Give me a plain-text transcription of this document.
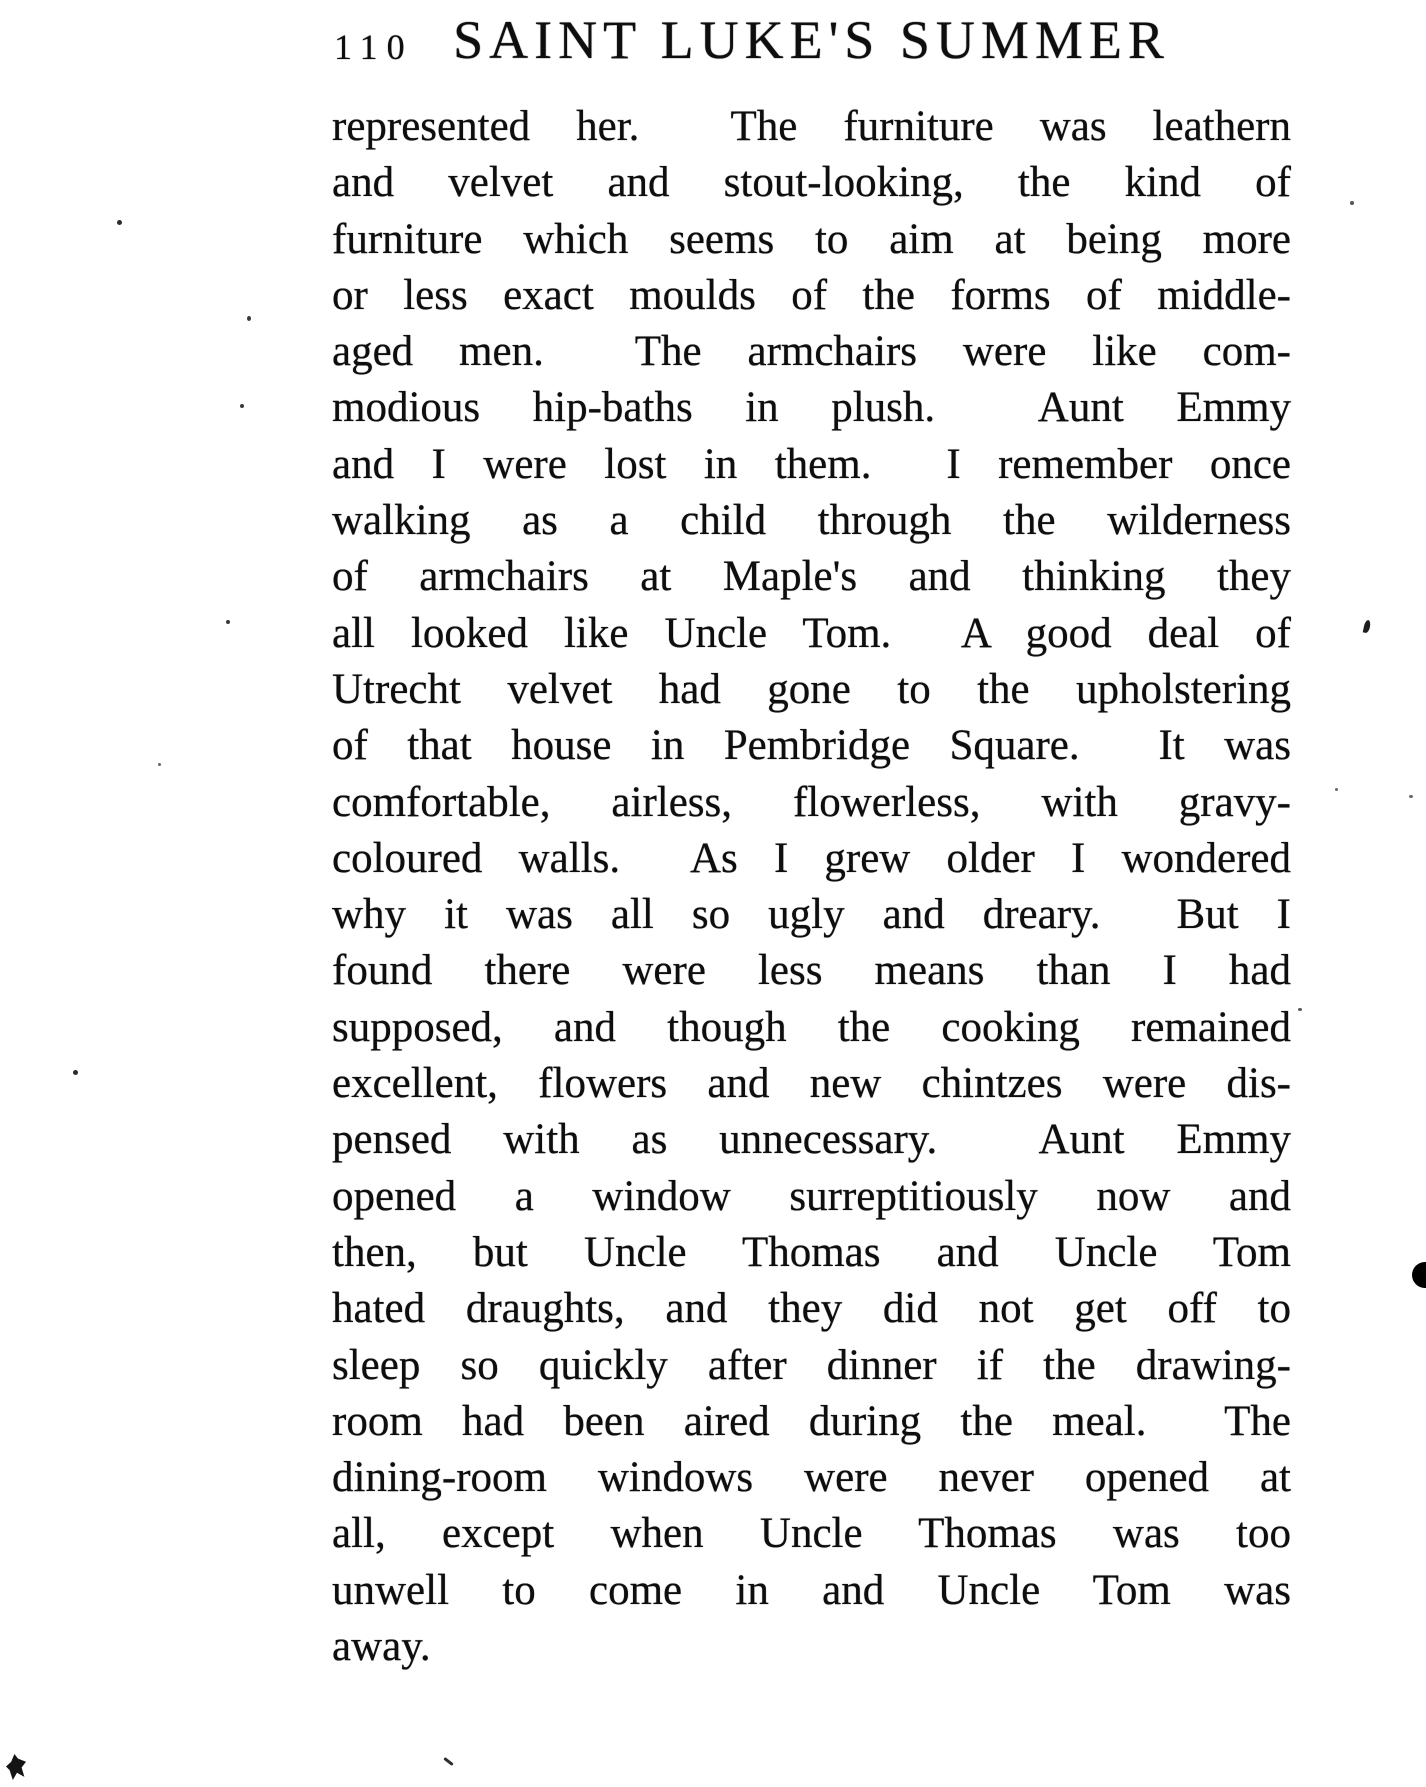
110 SAINT LUKE'S SUMMER

represented her.  The furniture was leathern

and velvet and stout-looking, the kind of

furniture which seems to aim at being more

or less exact moulds of the forms of middle-

aged men.  The armchairs were like com-

modious hip-baths in plush.  Aunt Emmy

and I were lost in them.  I remember once

walking as a child through the wilderness

of armchairs at Maple's and thinking they

all looked like Uncle Tom.  A good deal of

Utrecht velvet had gone to the upholstering

of that house in Pembridge Square.  It was

comfortable, airless, flowerless, with gravy-

coloured walls.  As I grew older I wondered

why it was all so ugly and dreary.  But I

found there were less means than I had

supposed, and though the cooking remained

excellent, flowers and new chintzes were dis-

pensed with as unnecessary.  Aunt Emmy

opened a window surreptitiously now and

then, but Uncle Thomas and Uncle Tom

hated draughts, and they did not get off to

sleep so quickly after dinner if the drawing-

room had been aired during the meal.  The

dining-room windows were never opened at

all, except when Uncle Thomas was too

unwell to come in and Uncle Tom was

away.
